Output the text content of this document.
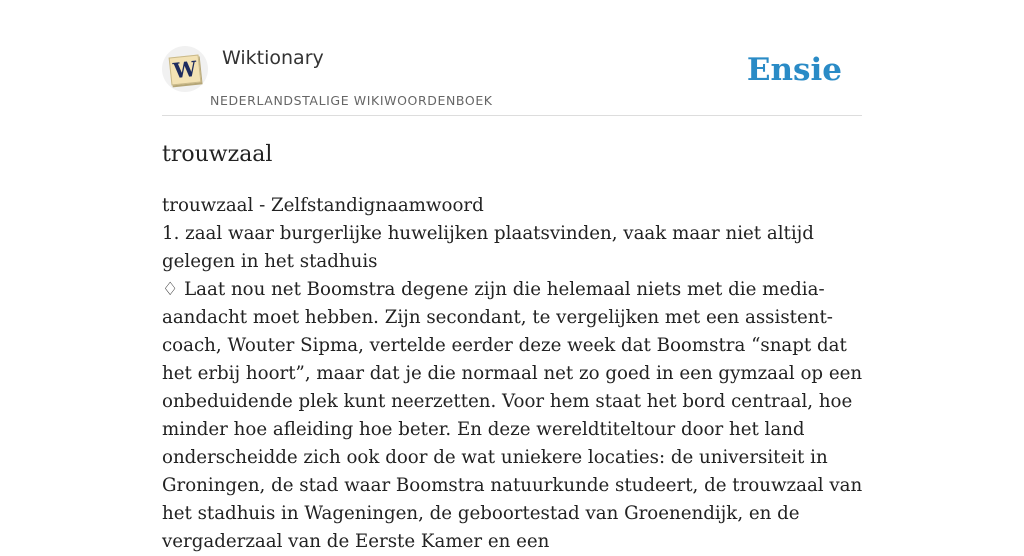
W Wiktionary
NEDERLANDSTALIGE WIKIWOORDENBOEK
Ensie
trouwzaal

trouwzaal - Zelfstandignaamwoord

1. zaal waar burgerlijke huwelijken plaatsvinden, vaak maar niet altijd gelegen in het stadhuis

♢ Laat nou net Boomstra degene zijn die helemaal niets met die media-aandacht moet hebben. Zijn secondant, te vergelijken met een assistent-coach, Wouter Sipma, vertelde eerder deze week dat Boomstra “snapt dat het erbij hoort”, maar dat je die normaal net zo goed in een gymzaal op een onbeduidende plek kunt neerzetten. Voor hem staat het bord centraal, hoe minder hoe afleiding hoe beter. En deze wereldtiteltour door het land onderscheidde zich ook door de wat uniekere locaties: de universiteit in Groningen, de stad waar Boomstra natuurkunde studeert, de trouwzaal van het stadhuis in Wageningen, de geboortestad van Groenendijk, en de vergaderzaal van de Eerste Kamer en een
